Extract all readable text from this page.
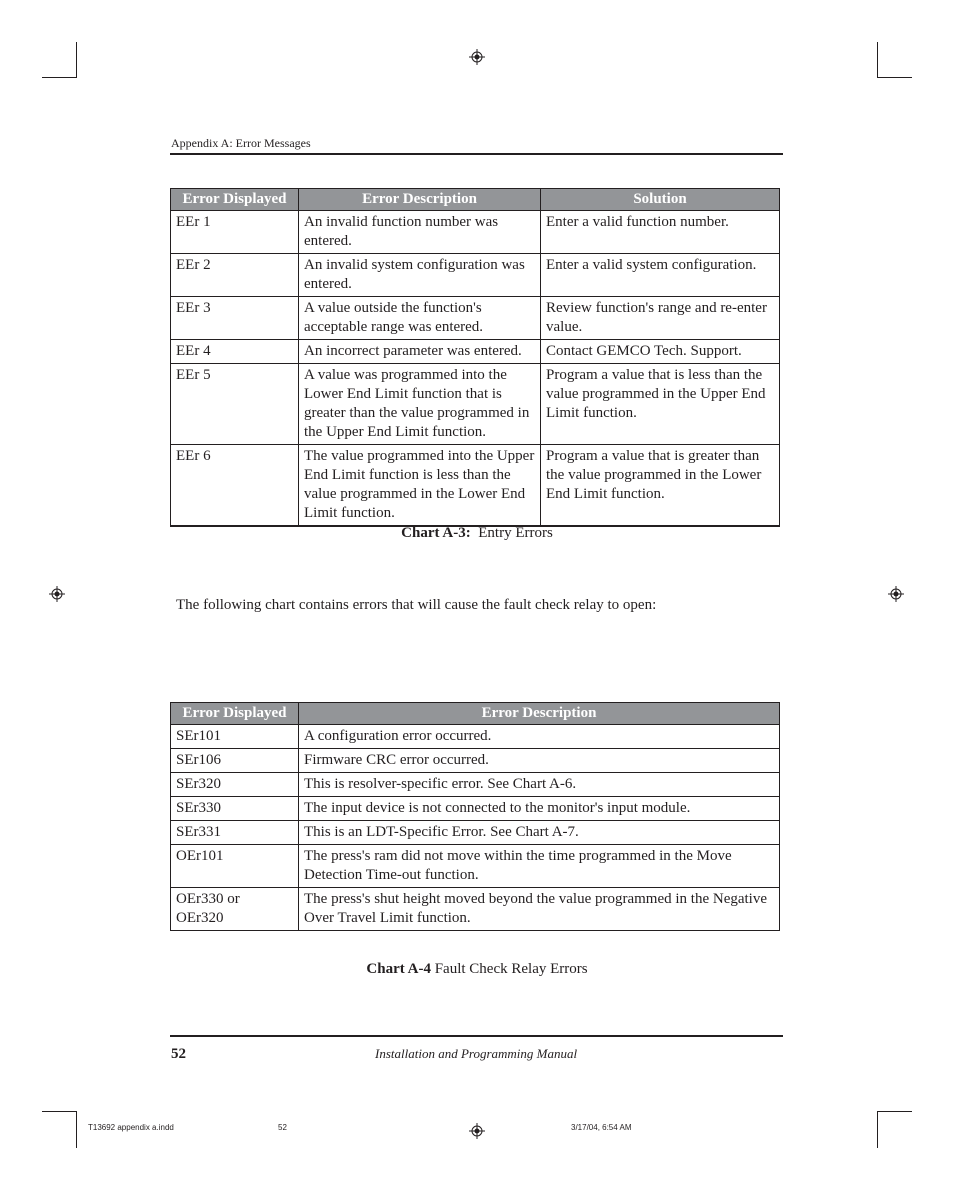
Appendix A: Error Messages
Error Displayed	Error Description	Solution
EEr 1	An invalid function number was entered.	Enter a valid function number.
EEr 2	An invalid system configuration was entered.	Enter a valid system configuration.
EEr 3	A value outside the function's acceptable range was entered.	Review function's range and re-enter value.
EEr 4	An incorrect parameter was entered.	Contact GEMCO Tech. Support.
EEr 5	A value was programmed into the Lower End Limit function that is greater than the value programmed in the Upper End Limit function.	Program a value that is less than the value programmed in the Upper End Limit function.
EEr 6	The value programmed into the Upper End Limit function is less than the value programmed in the Lower End Limit function.	Program a value that is greater than the value programmed in the Lower End Limit function.
Chart A-3: Entry Errors
The following chart contains errors that will cause the fault check relay to open:
Error Displayed	Error Description
SEr101	A configuration error occurred.
SEr106	Firmware CRC error occurred.
SEr320	This is resolver-specific error. See Chart A-6.
SEr330	The input device is not connected to the monitor's input module.
SEr331	This is an LDT-Specific Error. See Chart A-7.
OEr101	The press's ram did not move within the time programmed in the Move Detection Time-out function.
OEr330 or OEr320	The press's shut height moved beyond the value programmed in the Negative Over Travel Limit function.
Chart A-4 Fault Check Relay Errors
52	Installation and Programming Manual
T13692 appendix a.indd	52	3/17/04, 6:54 AM
